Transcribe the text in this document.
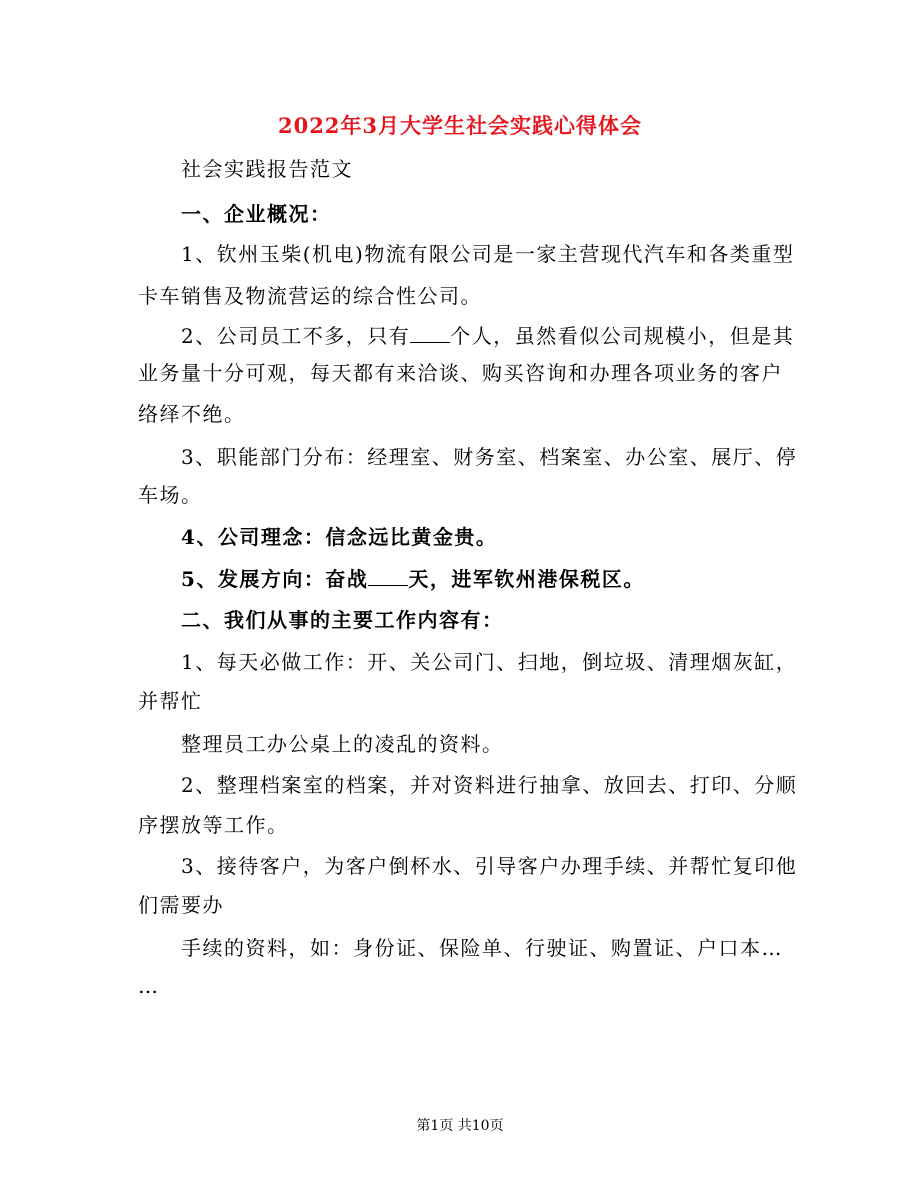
2022年3月大学生社会实践心得体会
社会实践报告范文
一、企业概况：
1、钦州玉柴(机电)物流有限公司是一家主营现代汽车和各类重型
卡车销售及物流营运的综合性公司。
2、公司员工不多，只有 个人，虽然看似公司规模小，但是其
业务量十分可观，每天都有来洽谈、购买咨询和办理各项业务的客户
络绎不绝。
3、职能部门分布：经理室、财务室、档案室、办公室、展厅、停
车场。
4、公司理念：信念远比黄金贵。
5、发展方向：奋战 天，进军钦州港保税区。
二、我们从事的主要工作内容有：
1、每天必做工作：开、关公司门、扫地，倒垃圾、清理烟灰缸，
并帮忙
整理员工办公桌上的凌乱的资料。
2、整理档案室的档案，并对资料进行抽拿、放回去、打印、分顺
序摆放等工作。
3、接待客户，为客户倒杯水、引导客户办理手续、并帮忙复印他
们需要办
手续的资料，如：身份证、保险单、行驶证、购置证、户口本…
…
第1页 共10页
